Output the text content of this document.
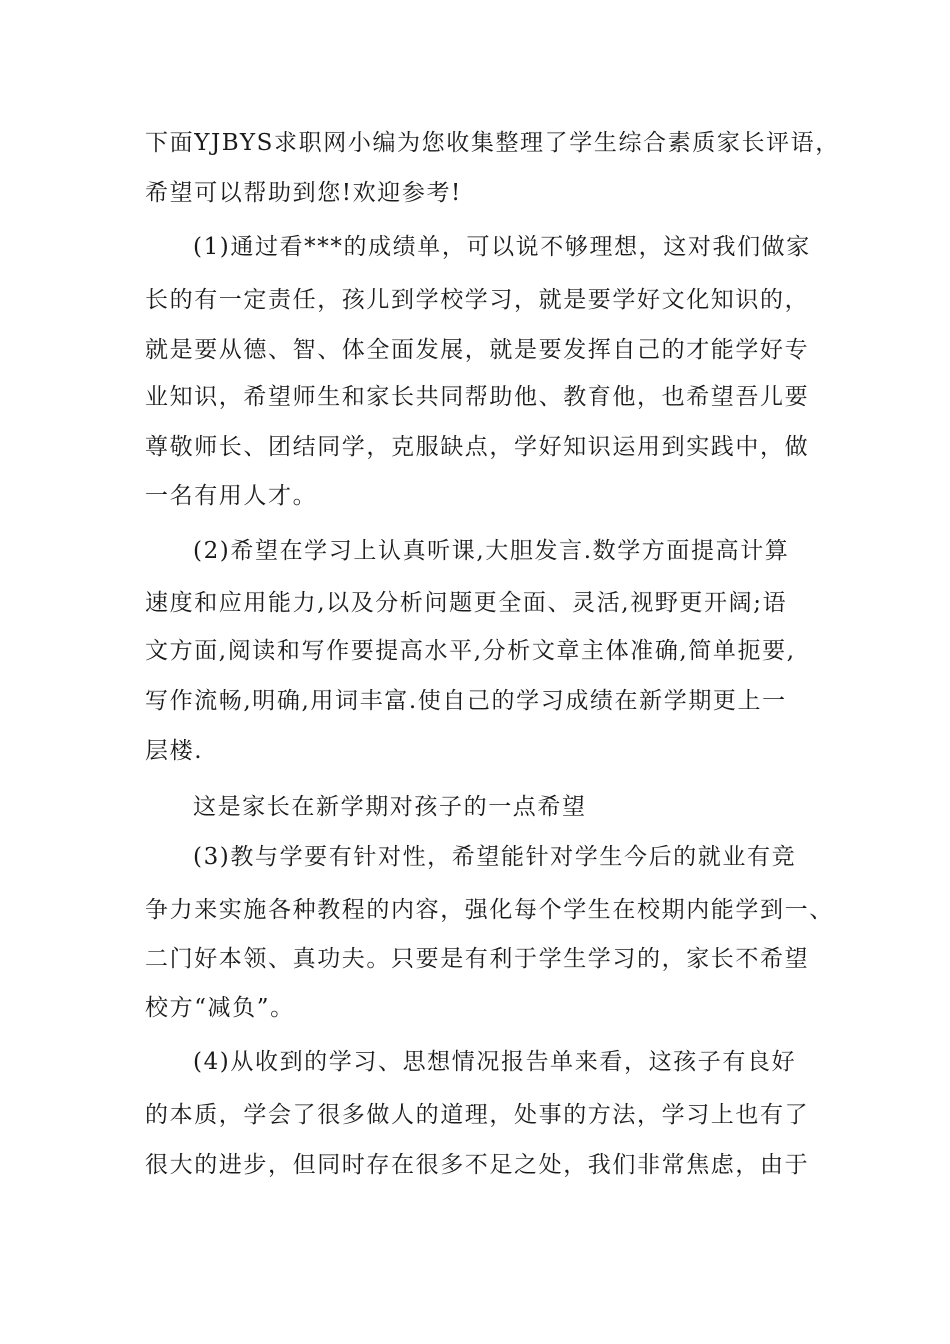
下面YJBYS求职网小编为您收集整理了学生综合素质家长评语，
希望可以帮助到您!欢迎参考!
(1)通过看***的成绩单，可以说不够理想，这对我们做家
长的有一定责任，孩儿到学校学习，就是要学好文化知识的，
就是要从德、智、体全面发展，就是要发挥自己的才能学好专
业知识，希望师生和家长共同帮助他、教育他，也希望吾儿要
尊敬师长、团结同学，克服缺点，学好知识运用到实践中，做
一名有用人才。
(2)希望在学习上认真听课,大胆发言.数学方面提高计算
速度和应用能力,以及分析问题更全面、灵活,视野更开阔;语
文方面,阅读和写作要提高水平,分析文章主体准确,简单扼要,
写作流畅,明确,用词丰富.使自己的学习成绩在新学期更上一
层楼.
这是家长在新学期对孩子的一点希望
(3)教与学要有针对性，希望能针对学生今后的就业有竞
争力来实施各种教程的内容，强化每个学生在校期内能学到一、
二门好本领、真功夫。只要是有利于学生学习的，家长不希望
校方“减负”。
(4)从收到的学习、思想情况报告单来看，这孩子有良好
的本质，学会了很多做人的道理，处事的方法，学习上也有了
很大的进步，但同时存在很多不足之处，我们非常焦虑，由于
